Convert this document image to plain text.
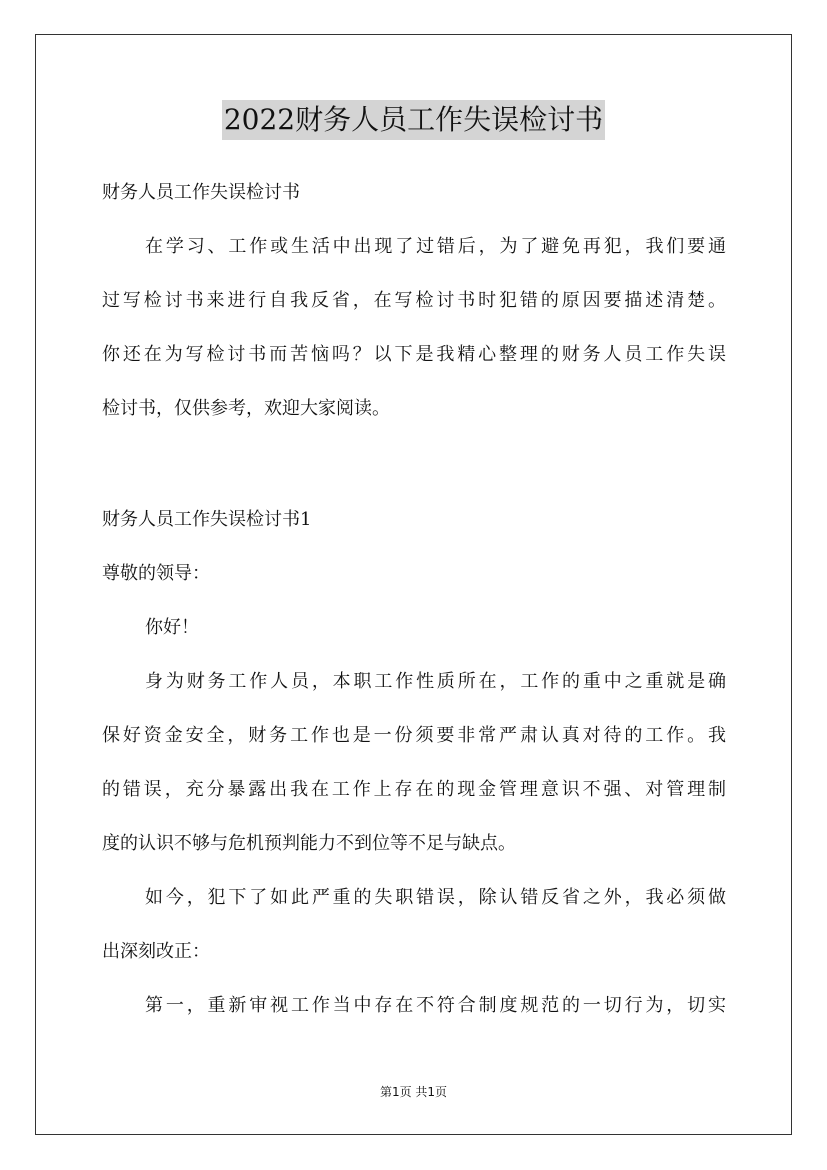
2022财务人员工作失误检讨书
财务人员工作失误检讨书
在学习、工作或生活中出现了过错后，为了避免再犯，我们要通
过写检讨书来进行自我反省，在写检讨书时犯错的原因要描述清楚。
你还在为写检讨书而苦恼吗？以下是我精心整理的财务人员工作失误
检讨书，仅供参考，欢迎大家阅读。
财务人员工作失误检讨书1
尊敬的领导：
你好！
身为财务工作人员，本职工作性质所在，工作的重中之重就是确
保好资金安全，财务工作也是一份须要非常严肃认真对待的工作。我
的错误，充分暴露出我在工作上存在的现金管理意识不强、对管理制
度的认识不够与危机预判能力不到位等不足与缺点。
如今，犯下了如此严重的失职错误，除认错反省之外，我必须做
出深刻改正：
第一，重新审视工作当中存在不符合制度规范的一切行为，切实
第1页 共1页
